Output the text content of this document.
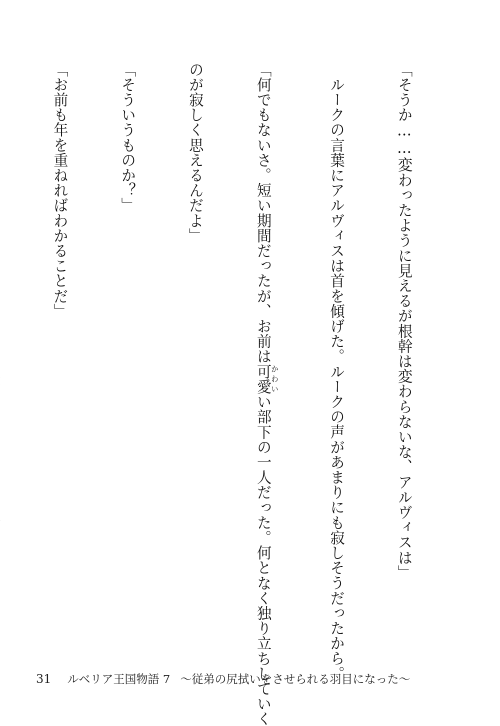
「そうか……変わったように見えるが根幹は変わらないな、アルヴィスは」

　ルークの言葉にアルヴィスは首を傾げた。ルークの声があまりにも寂しそうだったから。

「何でもないさ。短い期間だったが、お前は可愛 かわいい部下の一人だった。何となく独り立ちしていく

のが寂しく思えるんだよ」

「そういうものか？」

「お前も年を重ねればわかることだ」

31 ルベリア王国物語 7 ～従弟の尻拭いをさせられる羽目になった～
